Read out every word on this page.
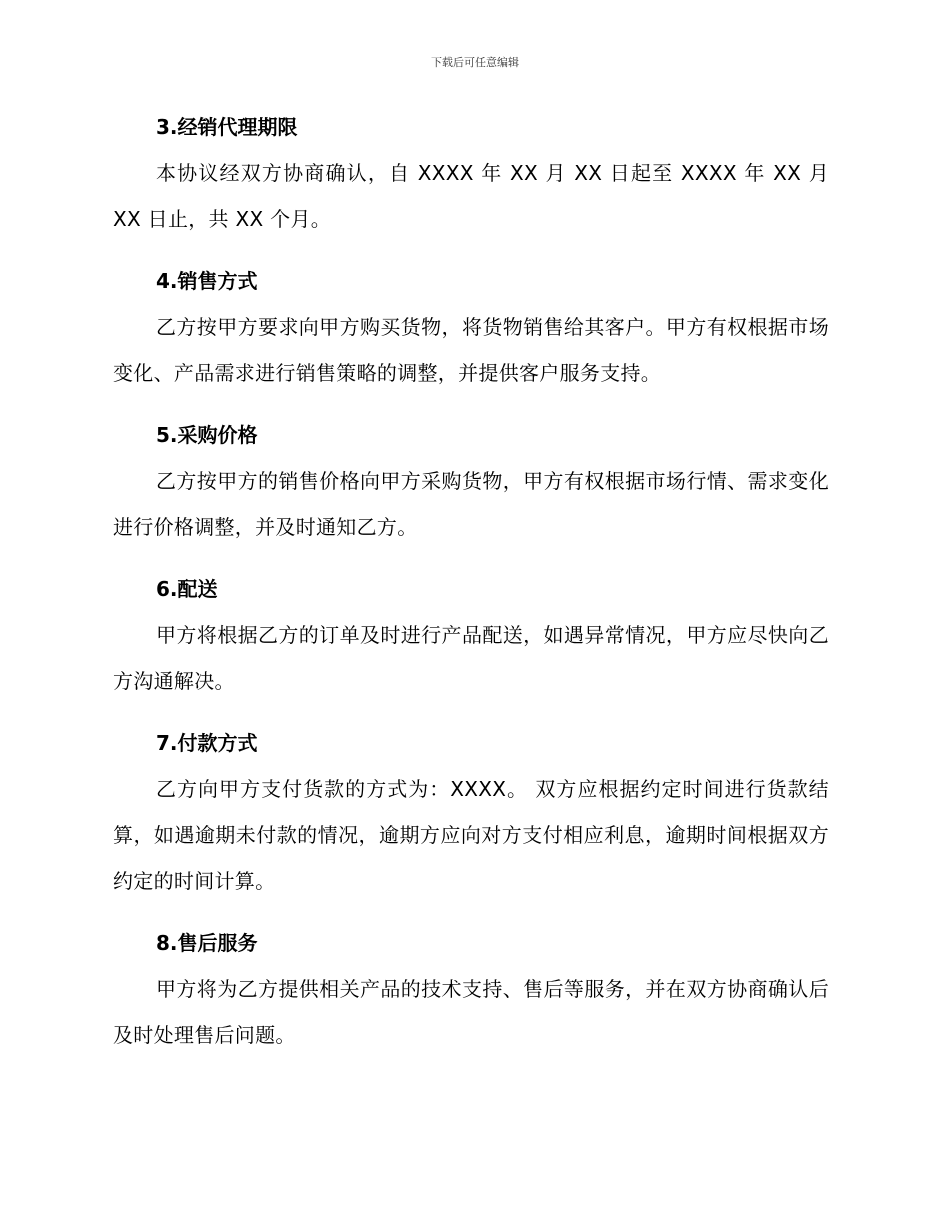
下载后可任意编辑

3.经销代理期限

本协议经双方协商确认，自 XXXX 年 XX 月 XX 日起至 XXXX 年 XX 月 XX 日止，共 XX 个月。

4.销售方式

乙方按甲方要求向甲方购买货物，将货物销售给其客户。甲方有权根据市场变化、产品需求进行销售策略的调整，并提供客户服务支持。

5.采购价格

乙方按甲方的销售价格向甲方采购货物，甲方有权根据市场行情、需求变化进行价格调整，并及时通知乙方。

6.配送

甲方将根据乙方的订单及时进行产品配送，如遇异常情况，甲方应尽快向乙方沟通解决。

7.付款方式

乙方向甲方支付货款的方式为：XXXX。 双方应根据约定时间进行货款结算，如遇逾期未付款的情况，逾期方应向对方支付相应利息，逾期时间根据双方约定的时间计算。

8.售后服务

甲方将为乙方提供相关产品的技术支持、售后等服务，并在双方协商确认后及时处理售后问题。
